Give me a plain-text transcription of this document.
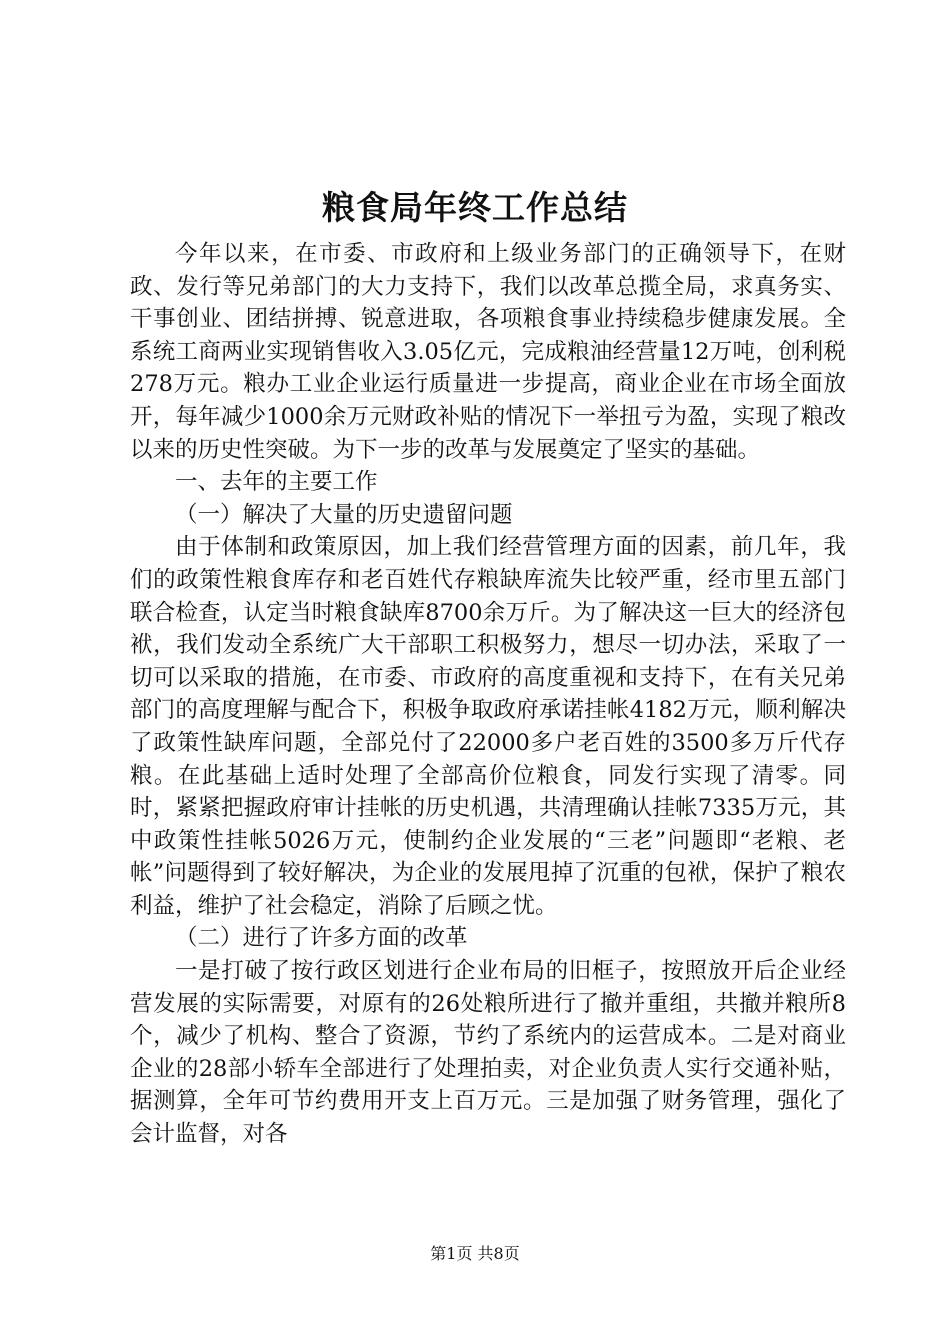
粮食局年终工作总结

今年以来，在市委、市政府和上级业务部门的正确领导下，在财政、发行等兄弟部门的大力支持下，我们以改革总揽全局，求真务实、干事创业、团结拼搏、锐意进取，各项粮食事业持续稳步健康发展。全系统工商两业实现销售收入3.05亿元，完成粮油经营量12万吨，创利税278万元。粮办工业企业运行质量进一步提高，商业企业在市场全面放开，每年减少1000余万元财政补贴的情况下一举扭亏为盈，实现了粮改以来的历史性突破。为下一步的改革与发展奠定了坚实的基础。

一、去年的主要工作

（一）解决了大量的历史遗留问题

由于体制和政策原因，加上我们经营管理方面的因素，前几年，我们的政策性粮食库存和老百姓代存粮缺库流失比较严重，经市里五部门联合检查，认定当时粮食缺库8700余万斤。为了解决这一巨大的经济包袱，我们发动全系统广大干部职工积极努力，想尽一切办法，采取了一切可以采取的措施，在市委、市政府的高度重视和支持下，在有关兄弟部门的高度理解与配合下，积极争取政府承诺挂帐4182万元，顺利解决了政策性缺库问题，全部兑付了22000多户老百姓的3500多万斤代存粮。在此基础上适时处理了全部高价位粮食，同发行实现了清零。同时，紧紧把握政府审计挂帐的历史机遇，共清理确认挂帐7335万元，其中政策性挂帐5026万元，使制约企业发展的“三老”问题即“老粮、老帐”问题得到了较好解决，为企业的发展甩掉了沉重的包袱，保护了粮农利益，维护了社会稳定，消除了后顾之忧。

（二）进行了许多方面的改革

一是打破了按行政区划进行企业布局的旧框子，按照放开后企业经营发展的实际需要，对原有的26处粮所进行了撤并重组，共撤并粮所8个，减少了机构、整合了资源，节约了系统内的运营成本。二是对商业企业的28部小轿车全部进行了处理拍卖，对企业负责人实行交通补贴，据测算，全年可节约费用开支上百万元。三是加强了财务管理，强化了会计监督，对各

第1页 共8页
